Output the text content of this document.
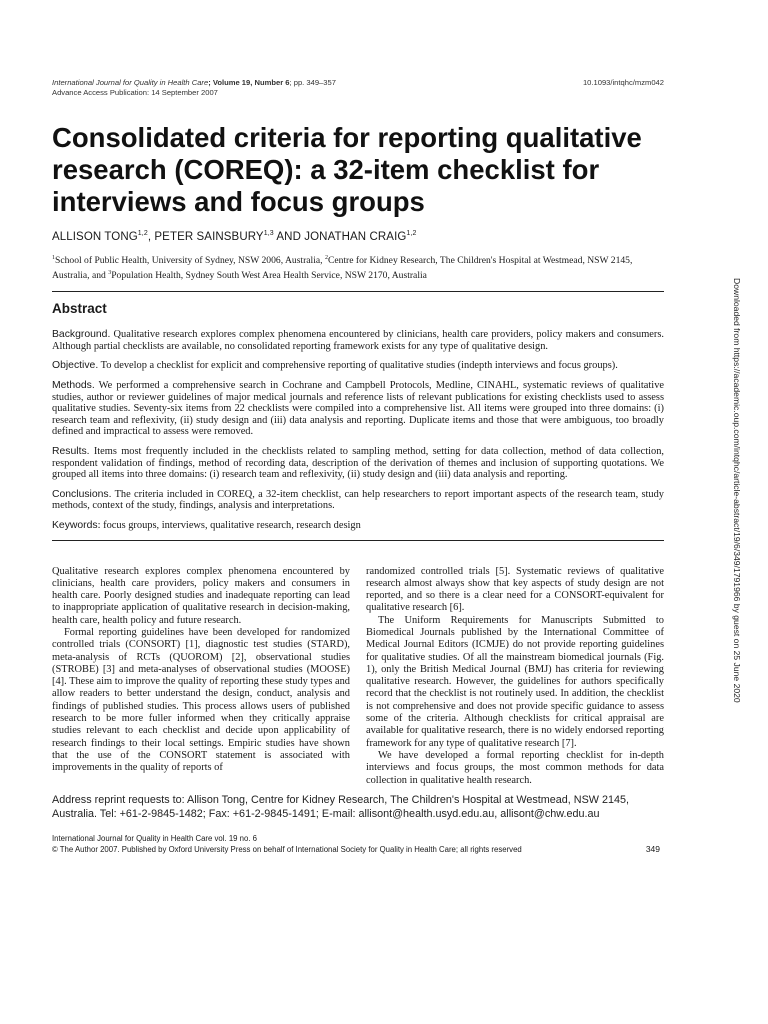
International Journal for Quality in Health Care; Volume 19, Number 6; pp. 349–357
Advance Access Publication: 14 September 2007
10.1093/intqhc/mzm042
Consolidated criteria for reporting qualitative research (COREQ): a 32-item checklist for interviews and focus groups
ALLISON TONG$^{1,2}$, PETER SAINSBURY$^{1,3}$ AND JONATHAN CRAIG$^{1,2}$
$^1$School of Public Health, University of Sydney, NSW 2006, Australia, $^2$Centre for Kidney Research, The Children's Hospital at Westmead, NSW 2145, Australia, and $^3$Population Health, Sydney South West Area Health Service, NSW 2170, Australia
Abstract

Background. Qualitative research explores complex phenomena encountered by clinicians, health care providers, policy makers and consumers. Although partial checklists are available, no consolidated reporting framework exists for any type of qualitative design.

Objective. To develop a checklist for explicit and comprehensive reporting of qualitative studies (indepth interviews and focus groups).

Methods. We performed a comprehensive search in Cochrane and Campbell Protocols, Medline, CINAHL, systematic reviews of qualitative studies, author or reviewer guidelines of major medical journals and reference lists of relevant publications for existing checklists used to assess qualitative studies. Seventy-six items from 22 checklists were compiled into a comprehensive list. All items were grouped into three domains: (i) research team and reflexivity, (ii) study design and (iii) data analysis and reporting. Duplicate items and those that were ambiguous, too broadly defined and impractical to assess were removed.

Results. Items most frequently included in the checklists related to sampling method, setting for data collection, method of data collection, respondent validation of findings, method of recording data, description of the derivation of themes and inclusion of supporting quotations. We grouped all items into three domains: (i) research team and reflexivity, (ii) study design and (iii) data analysis and reporting.

Conclusions. The criteria included in COREQ, a 32-item checklist, can help researchers to report important aspects of the research team, study methods, context of the study, findings, analysis and interpretations.

Keywords: focus groups, interviews, qualitative research, research design

Qualitative research explores complex phenomena encountered by clinicians, health care providers, policy makers and consumers in health care. Poorly designed studies and inadequate reporting can lead to inappropriate application of qualitative research in decision-making, health care, health policy and future research.

Formal reporting guidelines have been developed for randomized controlled trials (CONSORT) [1], diagnostic test studies (STARD), meta-analysis of RCTs (QUOROM) [2], observational studies (STROBE) [3] and meta-analyses of observational studies (MOOSE) [4]. These aim to improve the quality of reporting these study types and allow readers to better understand the design, conduct, analysis and findings of published studies. This process allows users of published research to be more fuller informed when they critically appraise studies relevant to each checklist and decide upon applicability of research findings to their local settings. Empiric studies have shown that the use of the CONSORT statement is associated with improvements in the quality of reports of

randomized controlled trials [5]. Systematic reviews of qualitative research almost always show that key aspects of study design are not reported, and so there is a clear need for a CONSORT-equivalent for qualitative research [6].

The Uniform Requirements for Manuscripts Submitted to Biomedical Journals published by the International Committee of Medical Journal Editors (ICMJE) do not provide reporting guidelines for qualitative studies. Of all the mainstream biomedical journals (Fig. 1), only the British Medical Journal (BMJ) has criteria for reviewing qualitative research. However, the guidelines for authors specifically record that the checklist is not routinely used. In addition, the checklist is not comprehensive and does not provide specific guidance to assess some of the criteria. Although checklists for critical appraisal are available for qualitative research, there is no widely endorsed reporting framework for any type of qualitative research [7].

We have developed a formal reporting checklist for in-depth interviews and focus groups, the most common methods for data collection in qualitative health research.

Address reprint requests to: Allison Tong, Centre for Kidney Research, The Children's Hospital at Westmead, NSW 2145, Australia. Tel: +61-2-9845-1482; Fax: +61-2-9845-1491; E-mail: allisont@health.usyd.edu.au, allisont@chw.edu.au
International Journal for Quality in Health Care vol. 19 no. 6
© The Author 2007. Published by Oxford University Press on behalf of International Society for Quality in Health Care; all rights reserved	349
Downloaded from https://academic.oup.com/intqhc/article-abstract/19/6/349/1791966 by guest on 25 June 2020
